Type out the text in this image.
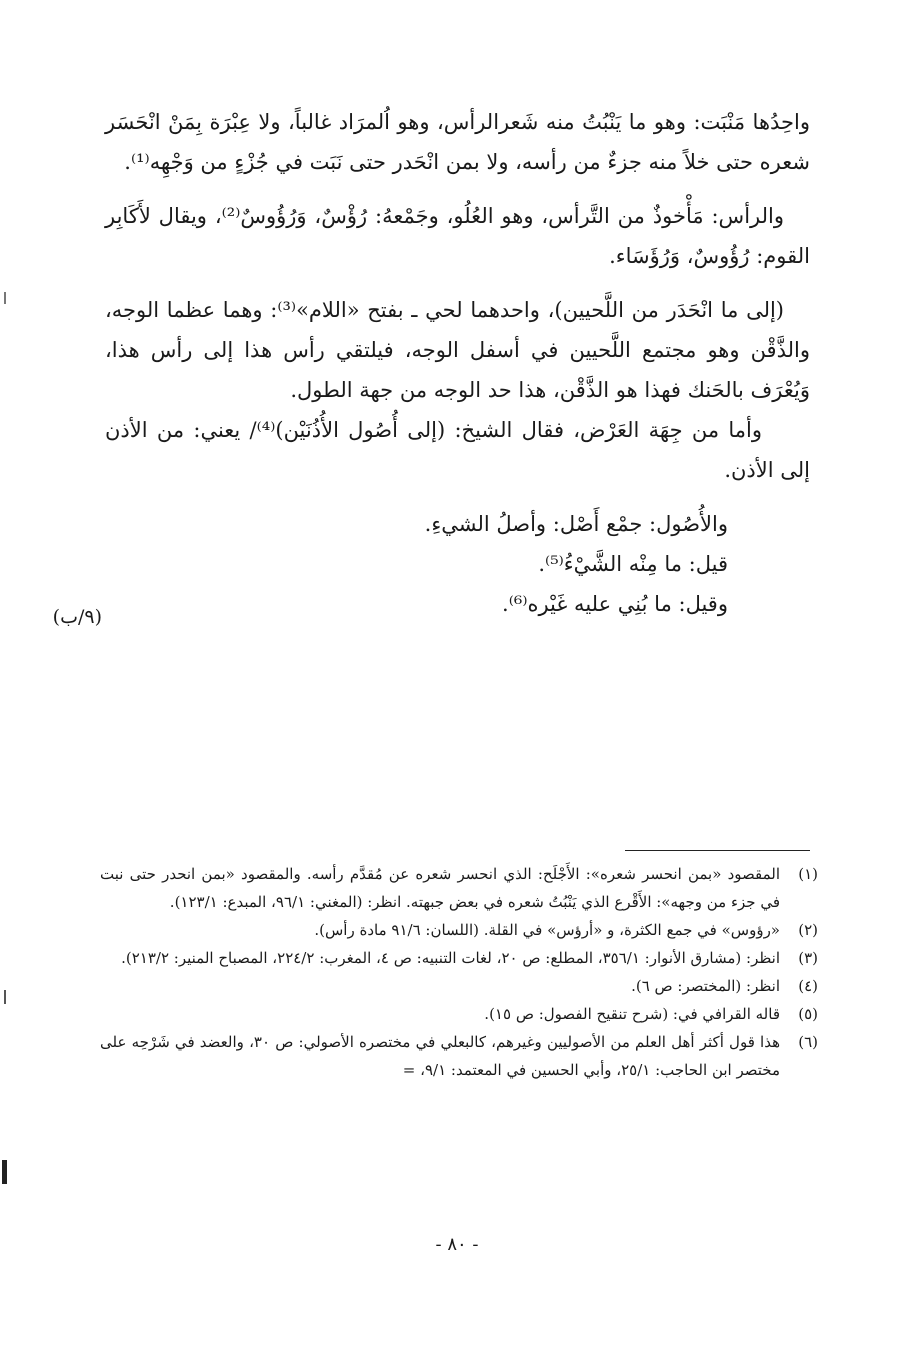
واحِدُها مَنْبَت: وهو ما يَنْبُتُ منه شَعرالرأس، وهو اُلمرَاد غالباً، ولا عِبْرَة بِمَنْ انْحَسَر شعره حتى خلاً منه جزءٌ من رأسه، ولا بمن انْحَدر حتى نَبَت في جُزْءٍ من وَجْهِه⁽¹⁾.

والرأس: مَأْخوذٌ من التَّرأس، وهو العُلُو، وجَمْعهُ: رُؤْسٌ، وَرُؤُوسٌ⁽²⁾، ويقال لأَكَابِر القوم: رُؤُوسٌ، وَرُؤَسَاء.

(إلى ما انْحَدَر من اللَّحيين)، واحدهما لحي ـ بفتح «اللام»⁽³⁾: وهما عظما الوجه، والذَّقْن وهو مجتمع اللَّحيين في أسفل الوجه، فيلتقي رأس هذا إلى رأس هذا، وَيُعْرَف بالحَنك فهذا هو الذَّقْن، هذا حد الوجه من جهة الطول.

وأما من جِهَة العَرْض، فقال الشيخ: (إلى أُصُول الأُذُنَيْن)⁽⁴⁾/ يعني: من الأذن إلى الأذن.

والأُصُول: جمْع أَصْل: وأصلُ الشيءِ.

قيل: ما مِنْه الشَّيْءُ⁽⁵⁾.

وقيل: ما بُنِي عليه غَيْره⁽⁶⁾.

(٩/ب)

(١)
المقصود «بمن انحسر شعره»: الأَجْلَح: الذي انحسر شعره عن مُقدَّم رأسه. والمقصود «بمن انحدر حتى نبت في جزء من وجهه»: الأَقْرع الذي يَنْبُتُ شعره في بعض جبهته. انظر: (المغني: ٩٦/١، المبدع: ١٢٣/١).

(٢)
«رؤوس» في جمع الكثرة، و «أرؤس» في القلة. (اللسان: ٩١/٦ مادة رأس).

(٣)
انظر: (مشارق الأنوار: ٣٥٦/١، المطلع: ص ٢٠، لغات التنبيه: ص ٤، المغرب: ٢٢٤/٢، المصباح المنير: ٢١٣/٢).

(٤)
انظر: (المختصر: ص ٦).

(٥)
قاله القرافي في: (شرح تنقيح الفصول: ص ١٥).

(٦)
هذا قول أكثر أهل العلم من الأصوليين وغيرهم، كالبعلي في مختصره الأصولي: ص ٣٠، والعضد في شَرْحِه على مختصر ابن الحاجب: ٢٥/١، وأبي الحسين في المعتمد: ٩/١، =

- ٨٠ -
